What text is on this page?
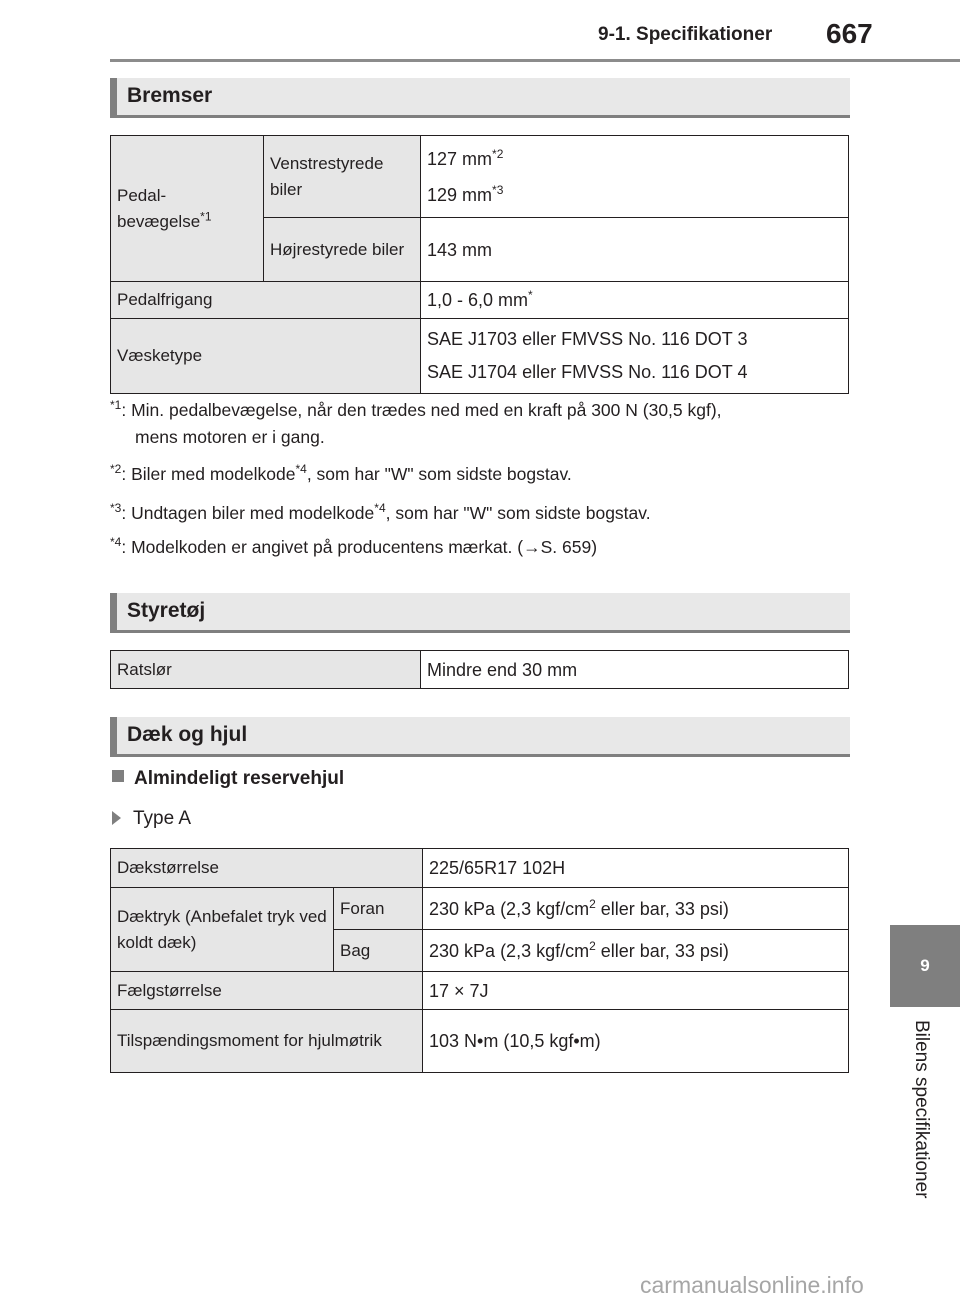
9-1. Specifikationer 667
9
Bilens specifikationer
Bremser
Pedal-
bevægelse$^{*1}$	Venstrestyrede biler	127 $mm^{*2}$
129 $mm^{*3}$
	Højrestyrede biler	143 mm
Pedalfrigang		1,0 - 6,0 mm*
Væsketype		SAE J1703 eller FMVSS No. 116 DOT 3
SAE J1704 eller FMVSS No. 116 DOT 4
$^{*1}$: Min. pedalbevægelse, når den trædes ned med en kraft på 300 N (30,5 kgf),
mens motoren er i gang.
$^{*2}$: Biler med modelkode$^{*4}$, som har "W" som sidste bogstav.
$^{*3}$: Undtagen biler med modelkode$^{*4}$, som har "W" som sidste bogstav.
$^{*4}$: Modelkoden er angivet på producentens mærkat. (→S. 659)
Styretøj
Ratslør	Mindre end 30 mm
Dæk og hjul
Almindeligt reservehjul
Type A
Dækstørrelse		225/65R17 102H
Dæktryk (Anbefalet tryk ved koldt dæk)	Foran	230 kPa (2,3 kgf/$cm^2$ eller bar, 33 psi)
	Bag	230 kPa (2,3 kgf/$cm^2$ eller bar, 33 psi)
Fælgstørrelse		17 × 7J
Tilspændingsmoment for hjulmøtrik		103 N•m (10,5 kgf•m)
carmanualsonline.info
